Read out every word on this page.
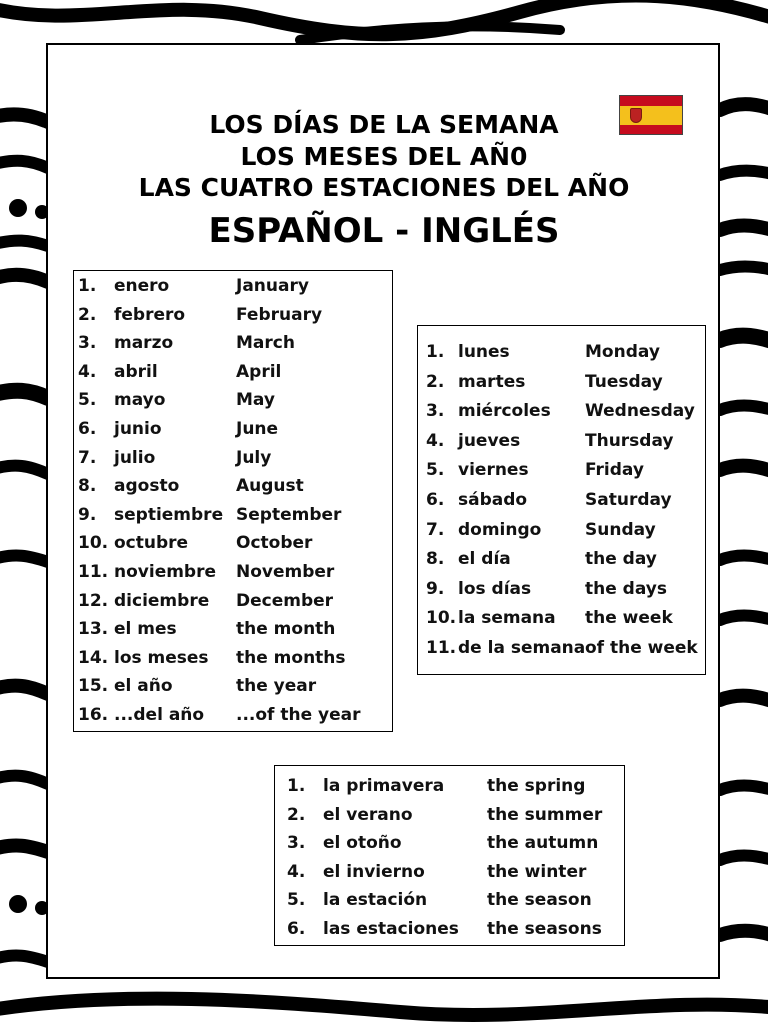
LOS DÍAS DE LA SEMANA
LOS MESES DEL AÑ0
LAS CUATRO ESTACIONES DEL AÑO
ESPAÑOL - INGLÉS
1. enero	January
2. febrero	February
3. marzo	March
4. abril	April
5. mayo	May
6. junio	June
7. julio	July
8. agosto	August
9. septiembre September
10. octubre	October
11. noviembre November
12. diciembre December
13. el mes	the month
14. los meses the months
15. el año	the year
16. ...del año ...of the year
1. lunes	Monday
2. martes	Tuesday
3. miércoles Wednesday
4. jueves	Thursday
5. viernes	Friday
6. sábado	Saturday
7. domingo	Sunday
8. el día	the day
9. los días	the days
10. la semana the week
11. de la semana of the week
1. la primavera	the spring
2. el verano	the summer
3. el otoño	the autumn
4. el invierno	the winter
5. la estación	the season
6. las estaciones the seasons
